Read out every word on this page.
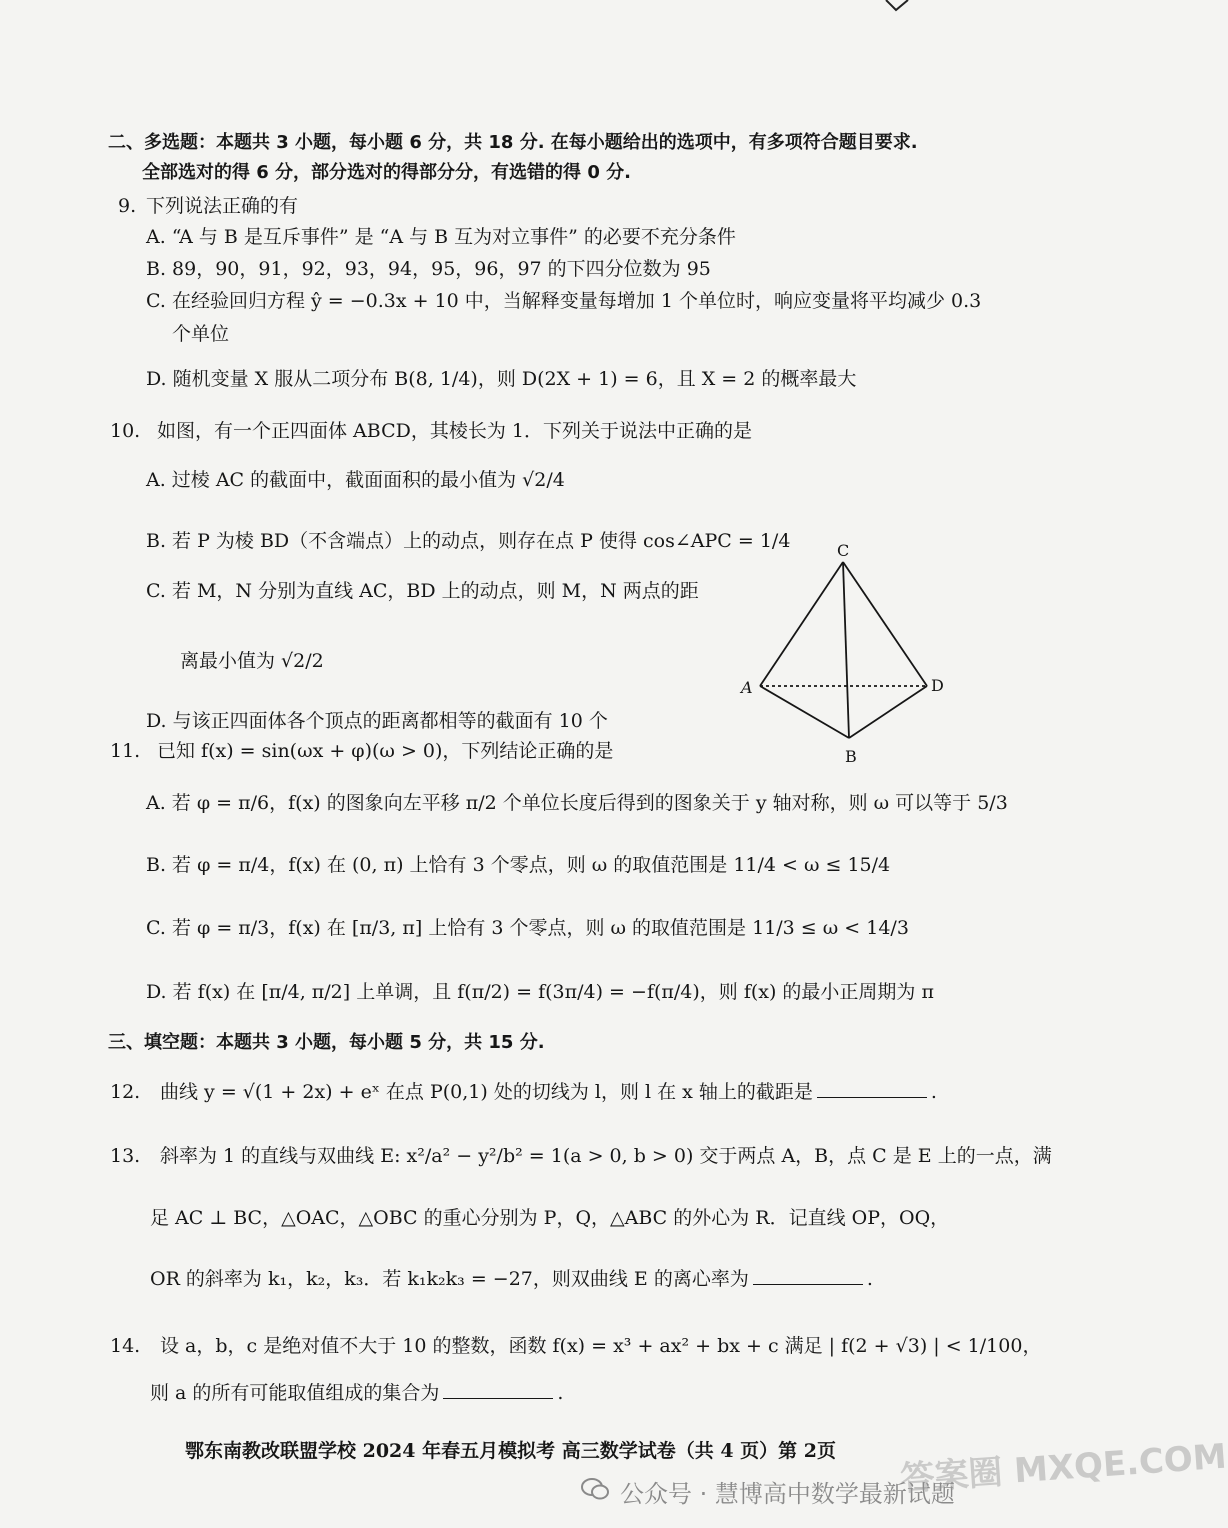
二、多选题：本题共 3 小题，每小题 6 分，共 18 分. 在每小题给出的选项中，有多项符合题目要求.
全部选对的得 6 分，部分选对的得部分分，有选错的得 0 分.
9. 下列说法正确的有
A. “A 与 B 是互斥事件” 是 “A 与 B 互为对立事件” 的必要不充分条件
B. 89，90，91，92，93，94，95，96，97 的下四分位数为 95
C. 在经验回归方程 ŷ = −0.3x + 10 中，当解释变量每增加 1 个单位时，响应变量将平均减少 0.3
个单位
D. 随机变量 X 服从二项分布 B(8, 1/4)，则 D(2X + 1) = 6，且 X = 2 的概率最大
10. 如图，有一个正四面体 ABCD，其棱长为 1．下列关于说法中正确的是
A. 过棱 AC 的截面中，截面面积的最小值为 √2/4
B. 若 P 为棱 BD（不含端点）上的动点，则存在点 P 使得 cos∠APC = 1/4
C. 若 M，N 分别为直线 AC，BD 上的动点，则 M，N 两点的距
离最小值为 √2/2
D. 与该正四面体各个顶点的距离都相等的截面有 10 个
C
A	D
B
11. 已知 f(x) = sin(ωx + φ)(ω > 0)，下列结论正确的是
A. 若 φ = π/6，f(x) 的图象向左平移 π/2 个单位长度后得到的图象关于 y 轴对称，则 ω 可以等于 5/3
B. 若 φ = π/4，f(x) 在 (0, π) 上恰有 3 个零点，则 ω 的取值范围是 11/4 < ω ≤ 15/4
C. 若 φ = π/3，f(x) 在 [π/3, π] 上恰有 3 个零点，则 ω 的取值范围是 11/3 ≤ ω < 14/3
D. 若 f(x) 在 [π/4, π/2] 上单调，且 f(π/2) = f(3π/4) = −f(π/4)，则 f(x) 的最小正周期为 π
三、填空题：本题共 3 小题，每小题 5 分，共 15 分.
12. 曲线 y = √(1 + 2x) + eˣ 在点 P(0,1) 处的切线为 l，则 l 在 x 轴上的截距是	.
13. 斜率为 1 的直线与双曲线 E: x²/a² − y²/b² = 1(a > 0, b > 0) 交于两点 A，B，点 C 是 E 上的一点，满
足 AC ⊥ BC，△OAC，△OBC 的重心分别为 P，Q，△ABC 的外心为 R．记直线 OP，OQ，
OR 的斜率为 k₁，k₂，k₃．若 k₁k₂k₃ = −27，则双曲线 E 的离心率为	.
14. 设 a，b，c 是绝对值不大于 10 的整数，函数 f(x) = x³ + ax² + bx + c 满足 | f(2 + √3) | < 1/100，
则 a 的所有可能取值组成的集合为	.
鄂东南教改联盟学校 2024 年春五月模拟考 高三数学试卷（共 4 页）第 2页
公众号 · 慧博高中数学最新试题
答案圈 MXQE.COM
